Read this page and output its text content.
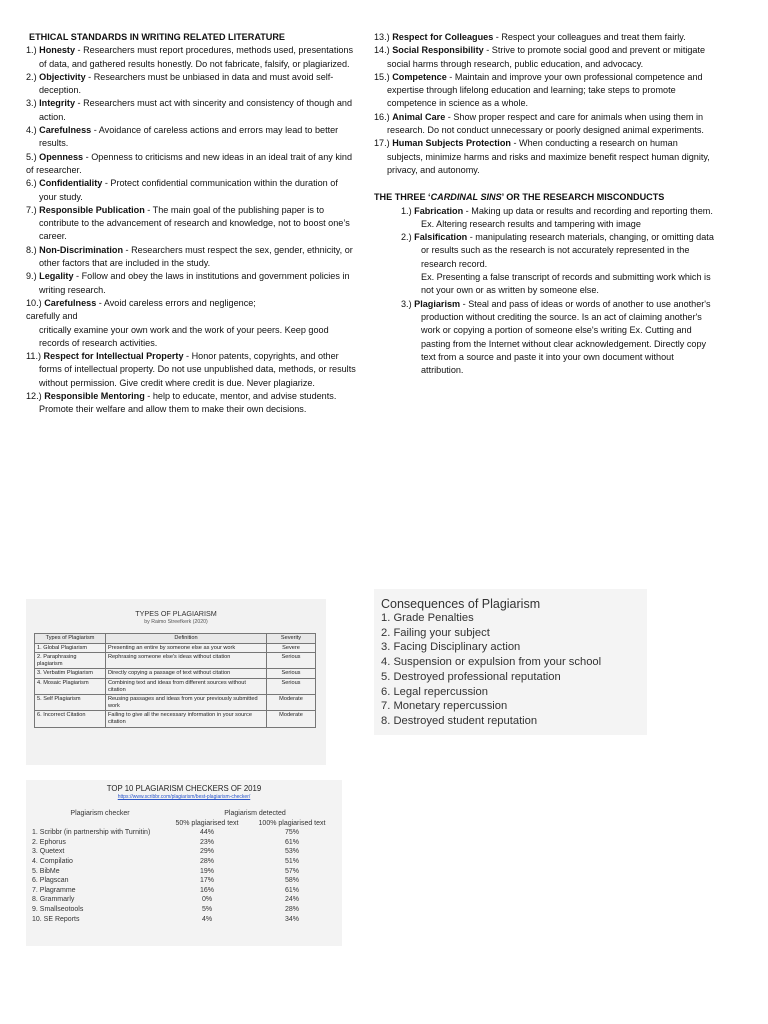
ETHICAL STANDARDS IN WRITING RELATED LITERATURE
1.) Honesty - Researchers must report procedures, methods used, presentations of data, and gathered results honestly. Do not fabricate, falsify, or plagiarized.
2.) Objectivity - Researchers must be unbiased in data and must avoid self-deception.
3.) Integrity - Researchers must act with sincerity and consistency of though and action.
4.) Carefulness - Avoidance of careless actions and errors may lead to better results.
5.) Openness - Openness to criticisms and new ideas in an ideal trait of any kind of researcher.
6.) Confidentiality - Protect confidential communication within the duration of your study.
7.) Responsible Publication - The main goal of the publishing paper is to contribute to the advancement of research and knowledge, not to boost one’s career.
8.) Non-Discrimination - Researchers must respect the sex, gender, ethnicity, or other factors that are included in the study.
9.) Legality - Follow and obey the laws in institutions and government policies in writing research.
10.) Carefulness - Avoid careless errors and negligence;
carefully and
critically examine your own work and the work of your peers. Keep good records of research activities.
11.) Respect for Intellectual Property - Honor patents, copyrights, and other forms of intellectual property. Do not use unpublished data, methods, or results without permission. Give credit where credit is due. Never plagiarize.
12.) Responsible Mentoring - help to educate, mentor, and advise students. Promote their welfare and allow them to make their own decisions.
13.) Respect for Colleagues - Respect your colleagues and treat them fairly.
14.) Social Responsibility - Strive to promote social good and prevent or mitigate social harms through research, public education, and advocacy.
15.) Competence - Maintain and improve your own professional competence and expertise through lifelong education and learning; take steps to promote competence in science as a whole.
16.) Animal Care - Show proper respect and care for animals when using them in research. Do not conduct unnecessary or poorly designed animal experiments.
17.) Human Subjects Protection - When conducting a research on human subjects, minimize harms and risks and maximize benefit respect human dignity, privacy, and autonomy.
THE THREE ‘CARDINAL SINS’ OR THE RESEARCH MISCONDUCTS
1.) Fabrication - Making up data or results and recording and reporting them.
Ex. Altering research results and tampering with image
2.) Falsification - manipulating research materials, changing, or omitting data or results such as the research is not accurately represented in the research record.
Ex. Presenting a false transcript of records and submitting work which is not your own or as written by someone else.
3.) Plagiarism - Steal and pass of ideas or words of another to use another's production without crediting the source. Is an act of claiming another's work or copying a portion of someone else's writing Ex. Cutting and pasting from the Internet without clear acknowledgement. Directly copy text from a source and paste it into your own document without attribution.
TYPES OF PLAGIARISM
by Raimo Streefkerk (2020)
Types of Plagiarism	Definition	Severity
1. Global Plagiarism	Presenting an entire by someone else as your work	Severe
2. Paraphrasing plagiarism	Rephrasing someone else's ideas without citation	Serious
3. Verbatim Plagiarism	Directly copying a passage of text without citation	Serious
4. Mosaic Plagiarism	Combining text and ideas from different sources without citation	Serious
5. Self Plagiarism	Reusing passages and ideas from your previously submitted work	Moderate
6. Incorrect Citation	Failing to give all the necessary information in your source citation	Moderate
Consequences of Plagiarism
1. Grade Penalties
2. Failing your subject
3. Facing Disciplinary action
4. Suspension or expulsion from your school
5. Destroyed professional reputation
6. Legal repercussion
7. Monetary repercussion
8. Destroyed student reputation
TOP 10 PLAGIARISM CHECKERS OF 2019
https://www.scribbr.com/plagiarism/best-plagiarism-checker/
Plagiarism checker	Plagiarism detected	
	50% plagiarised text	100% plagiarised text
1. Scribbr (in partnership with Turnitin)	44%	75%
2. Ephorus	23%	61%
3. Quetext	29%	53%
4. Compilatio	28%	51%
5. BibMe	19%	57%
6. Plagscan	17%	58%
7. Plagramme	16%	61%
8. Grammarly	0%	24%
9. Smallseotools	5%	28%
10. SE Reports	4%	34%
